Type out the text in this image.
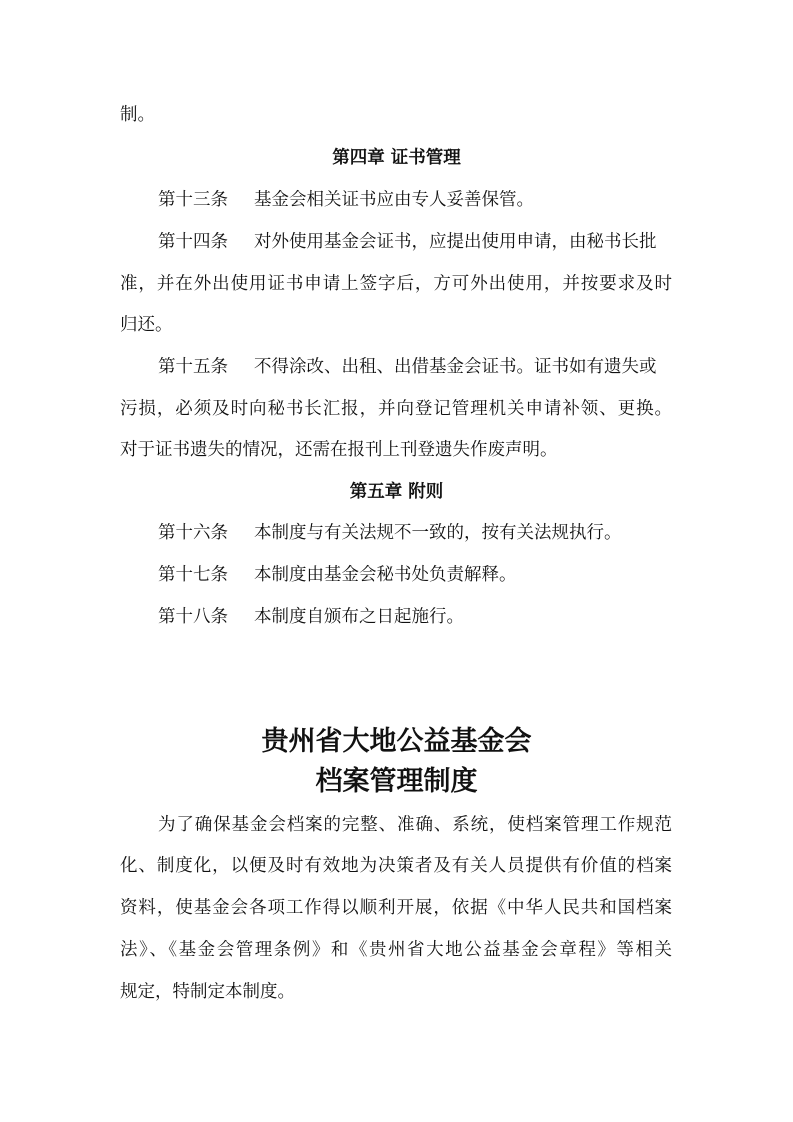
制。
第四章 证书管理
第十三条 基金会相关证书应由专人妥善保管。
第十四条 对外使用基金会证书，应提出使用申请，由秘书长批
准，并在外出使用证书申请上签字后，方可外出使用，并按要求及时
归还。
第十五条 不得涂改、出租、出借基金会证书。证书如有遗失或
污损，必须及时向秘书长汇报，并向登记管理机关申请补领、更换。
对于证书遗失的情况，还需在报刊上刊登遗失作废声明。
第五章 附则
第十六条 本制度与有关法规不一致的，按有关法规执行。
第十七条 本制度由基金会秘书处负责解释。
第十八条 本制度自颁布之日起施行。
贵州省大地公益基金会
档案管理制度
为了确保基金会档案的完整、准确、系统，使档案管理工作规范
化、制度化，以便及时有效地为决策者及有关人员提供有价值的档案
资料，使基金会各项工作得以顺利开展，依据《中华人民共和国档案
法》、《基金会管理条例》和《贵州省大地公益基金会章程》等相关
规定，特制定本制度。
